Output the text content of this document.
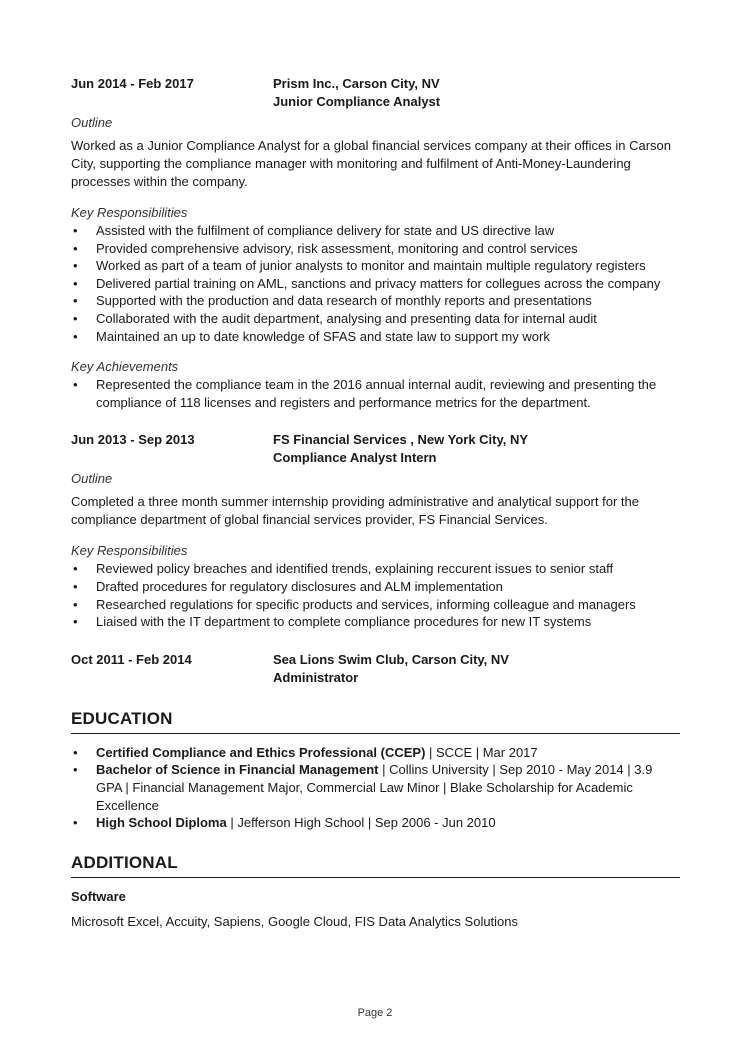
Jun 2014 - Feb 2017	Prism Inc., Carson City, NV
Junior Compliance Analyst
Outline

Worked as a Junior Compliance Analyst for a global financial services company at their offices in Carson City, supporting the compliance manager with monitoring and fulfilment of Anti-Money-Laundering processes within the company.

Key Responsibilities
• Assisted with the fulfilment of compliance delivery for state and US directive law
• Provided comprehensive advisory, risk assessment, monitoring and control services
• Worked as part of a team of junior analysts to monitor and maintain multiple regulatory registers
• Delivered partial training on AML, sanctions and privacy matters for collegues across the company
• Supported with the production and data research of monthly reports and presentations
• Collaborated with the audit department, analysing and presenting data for internal audit
• Maintained an up to date knowledge of SFAS and state law to support my work
Key Achievements
• Represented the compliance team in the 2016 annual internal audit, reviewing and presenting the compliance of 118 licenses and registers and performance metrics for the department.
Jun 2013 - Sep 2013	FS Financial Services , New York City, NY
Compliance Analyst Intern
Outline

Completed a three month summer internship providing administrative and analytical support for the compliance department of global financial services provider, FS Financial Services.

Key Responsibilities
• Reviewed policy breaches and identified trends, explaining reccurent issues to senior staff
• Drafted procedures for regulatory disclosures and ALM implementation
• Researched regulations for specific products and services, informing colleague and managers
• Liaised with the IT department to complete compliance procedures for new IT systems
Oct 2011 - Feb 2014	Sea Lions Swim Club, Carson City, NV
Administrator
EDUCATION
• Certified Compliance and Ethics Professional (CCEP) | SCCE | Mar 2017
• Bachelor of Science in Financial Management | Collins University | Sep 2010 - May 2014 | 3.9 GPA | Financial Management Major, Commercial Law Minor | Blake Scholarship for Academic Excellence
• High School Diploma | Jefferson High School | Sep 2006 - Jun 2010
ADDITIONAL
Software

Microsoft Excel, Accuity, Sapiens, Google Cloud, FIS Data Analytics Solutions

Page 2
